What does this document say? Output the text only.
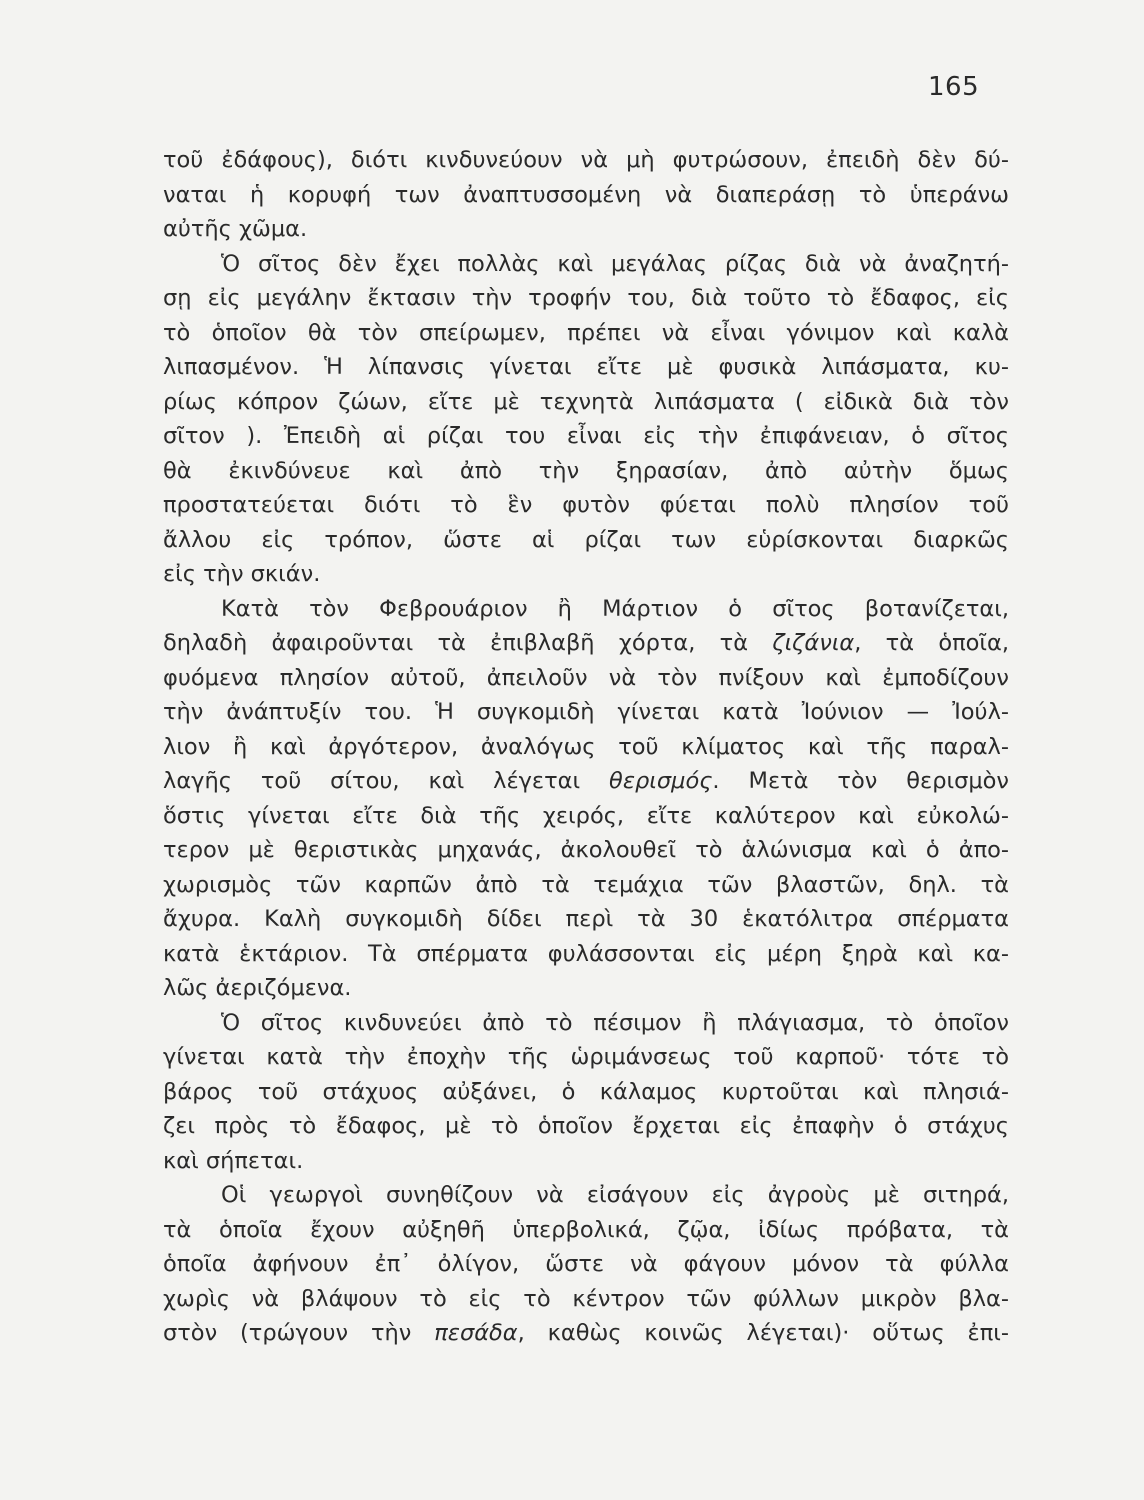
165
τοῦ ἐδάφους), διότι κινδυνεύουν νὰ μὴ φυτρώσουν, ἐπειδὴ δὲν δύ-
ναται ἡ κορυφή των ἀναπτυσσομένη νὰ διαπεράσῃ τὸ ὑπεράνω
αὐτῆς χῶμα.
Ὁ σῖτος δὲν ἔχει πολλὰς καὶ μεγάλας ρίζας διὰ νὰ ἀναζητή-
σῃ εἰς μεγάλην ἔκτασιν τὴν τροφήν του, διὰ τοῦτο τὸ ἔδαφος, εἰς
τὸ ὁποῖον θὰ τὸν σπείρωμεν, πρέπει νὰ εἶναι γόνιμον καὶ καλὰ
λιπασμένον. Ἡ λίπανσις γίνεται εἴτε μὲ φυσικὰ λιπάσματα, κυ-
ρίως κόπρον ζώων, εἴτε μὲ τεχνητὰ λιπάσματα ( εἰδικὰ διὰ τὸν
σῖτον ). Ἐπειδὴ αἱ ρίζαι του εἶναι εἰς τὴν ἐπιφάνειαν, ὁ σῖτος
θὰ ἐκινδύνευε καὶ ἀπὸ τὴν ξηρασίαν, ἀπὸ αὐτὴν ὅμως
προστατεύεται διότι τὸ ἓν φυτὸν φύεται πολὺ πλησίον τοῦ
ἄλλου εἰς τρόπον, ὥστε αἱ ρίζαι των εὑρίσκονται διαρκῶς
εἰς τὴν σκιάν.
Κατὰ τὸν Φεβρουάριον ἢ Μάρτιον ὁ σῖτος βοτανίζεται,
δηλαδὴ ἀφαιροῦνται τὰ ἐπιβλαβῆ χόρτα, τὰ ζιζάνια, τὰ ὁποῖα,
φυόμενα πλησίον αὐτοῦ, ἀπειλοῦν νὰ τὸν πνίξουν καὶ ἐμποδίζουν
τὴν ἀνάπτυξίν του. Ἡ συγκομιδὴ γίνεται κατὰ Ἰούνιον — Ἰούλ-
λιον ἢ καὶ ἀργότερον, ἀναλόγως τοῦ κλίματος καὶ τῆς παραλ-
λαγῆς τοῦ σίτου, καὶ λέγεται θερισμός. Μετὰ τὸν θερισμὸν
ὅστις γίνεται εἴτε διὰ τῆς χειρός, εἴτε καλύτερον καὶ εὐκολώ-
τερον μὲ θεριστικὰς μηχανάς, ἀκολουθεῖ τὸ ἁλώνισμα καὶ ὁ ἀπο-
χωρισμὸς τῶν καρπῶν ἀπὸ τὰ τεμάχια τῶν βλαστῶν, δηλ. τὰ
ἄχυρα. Καλὴ συγκομιδὴ δίδει περὶ τὰ 30 ἑκατόλιτρα σπέρματα
κατὰ ἑκτάριον. Τὰ σπέρματα φυλάσσονται εἰς μέρη ξηρὰ καὶ κα-
λῶς ἀεριζόμενα.
Ὁ σῖτος κινδυνεύει ἀπὸ τὸ πέσιμον ἢ πλάγιασμα, τὸ ὁποῖον
γίνεται κατὰ τὴν ἐποχὴν τῆς ὡριμάνσεως τοῦ καρποῦ· τότε τὸ
βάρος τοῦ στάχυος αὐξάνει, ὁ κάλαμος κυρτοῦται καὶ πλησιά-
ζει πρὸς τὸ ἔδαφος, μὲ τὸ ὁποῖον ἔρχεται εἰς ἐπαφὴν ὁ στάχυς
καὶ σήπεται.
Οἱ γεωργοὶ συνηθίζουν νὰ εἰσάγουν εἰς ἀγροὺς μὲ σιτηρά,
τὰ ὁποῖα ἔχουν αὐξηθῆ ὑπερβολικά, ζῷα, ἰδίως πρόβατα, τὰ
ὁποῖα ἀφήνουν ἐπ᾽ ὀλίγον, ὥστε νὰ φάγουν μόνον τὰ φύλλα
χωρὶς νὰ βλάψουν τὸ εἰς τὸ κέντρον τῶν φύλλων μικρὸν βλα-
στὸν (τρώγουν τὴν πεσάδα, καθὼς κοινῶς λέγεται)· οὕτως ἐπι-
